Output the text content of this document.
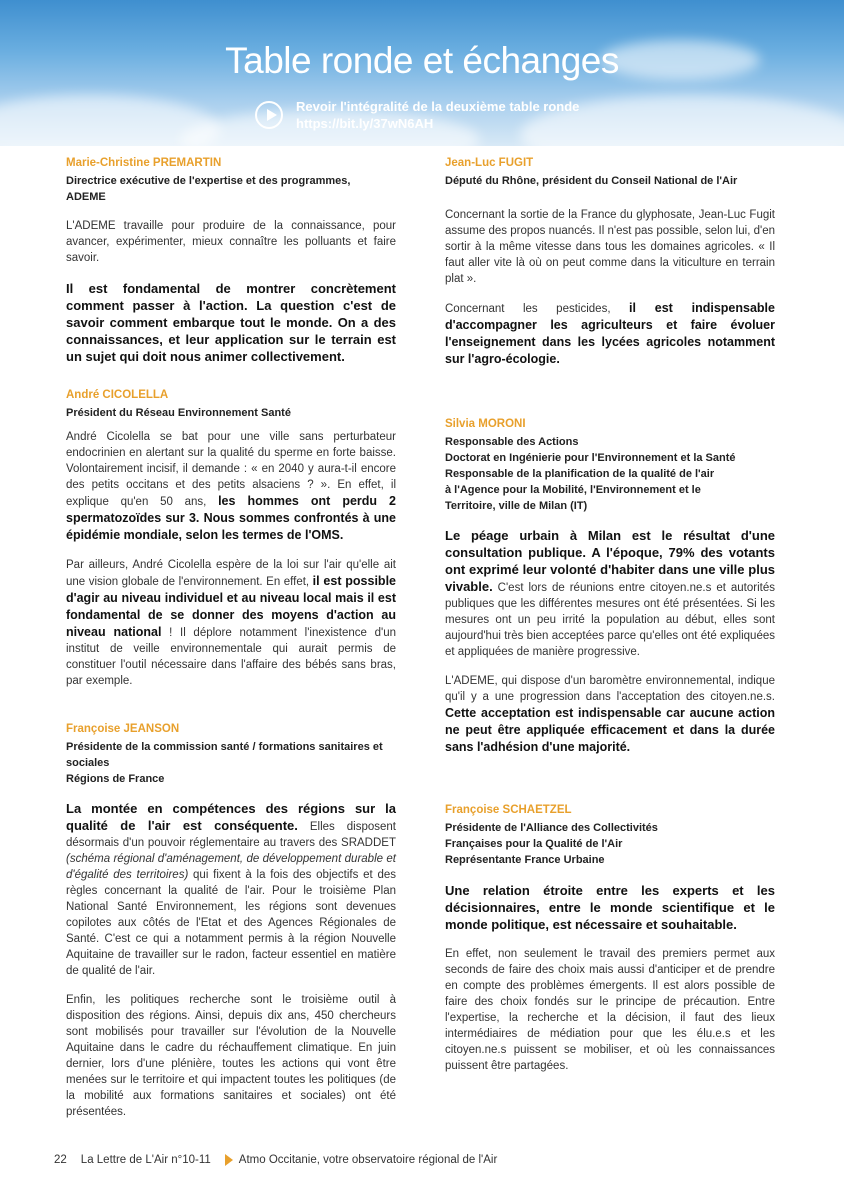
Table ronde et échanges
Revoir l'intégralité de la deuxième table ronde
https://bit.ly/37wN6AH

Marie-Christine PREMARTIN

Directrice exécutive de l'expertise et des programmes,

ADEME

L'ADEME travaille pour produire de la connaissance, pour avancer, expérimenter, mieux connaître les polluants et faire savoir.

Il est fondamental de montrer concrètement comment passer à l'action. La question c'est de savoir comment embarque tout le monde. On a des connaissances, et leur application sur le terrain est un sujet qui doit nous animer collectivement.

André CICOLELLA

Président du Réseau Environnement Santé

André Cicolella se bat pour une ville sans perturbateur endocrinien en alertant sur la qualité du sperme en forte baisse. Volontairement incisif, il demande : « en 2040 y aura-t-il encore des petits occitans et des petits alsaciens ? ». En effet, il explique qu'en 50 ans, les hommes ont perdu 2 spermatozoïdes sur 3. Nous sommes confrontés à une épidémie mondiale, selon les termes de l'OMS.

Par ailleurs, André Cicolella espère de la loi sur l'air qu'elle ait une vision globale de l'environnement. En effet, il est possible d'agir au niveau individuel et au niveau local mais il est fondamental de se donner des moyens d'action au niveau national ! Il déplore notamment l'inexistence d'un institut de veille environnementale qui aurait permis de constituer l'outil nécessaire dans l'affaire des bébés sans bras, par exemple.

Françoise JEANSON

Présidente de la commission santé / formations sanitaires et sociales

Régions de France

La montée en compétences des régions sur la qualité de l'air est conséquente. Elles disposent désormais d'un pouvoir réglementaire au travers des SRADDET (schéma régional d'aménagement, de développement durable et d'égalité des territoires) qui fixent à la fois des objectifs et des règles concernant la qualité de l'air. Pour le troisième Plan National Santé Environnement, les régions sont devenues copilotes aux côtés de l'Etat et des Agences Régionales de Santé. C'est ce qui a notamment permis à la région Nouvelle Aquitaine de travailler sur le radon, facteur essentiel en matière de qualité de l'air.

Enfin, les politiques recherche sont le troisième outil à disposition des régions. Ainsi, depuis dix ans, 450 chercheurs sont mobilisés pour travailler sur l'évolution de la Nouvelle Aquitaine dans le cadre du réchauffement climatique. En juin dernier, lors d'une plénière, toutes les actions qui vont être menées sur le territoire et qui impactent toutes les politiques (de la mobilité aux formations sanitaires et sociales) ont été présentées.

Jean-Luc FUGIT

Député du Rhône, président du Conseil National de l'Air

Concernant la sortie de la France du glyphosate, Jean-Luc Fugit assume des propos nuancés. Il n'est pas possible, selon lui, d'en sortir à la même vitesse dans tous les domaines agricoles. « Il faut aller vite là où on peut comme dans la viticulture en terrain plat ».

Concernant les pesticides, il est indispensable d'accompagner les agriculteurs et faire évoluer l'enseignement dans les lycées agricoles notamment sur l'agro-écologie.

Silvia MORONI

Responsable des Actions

Doctorat en Ingénierie pour l'Environnement et la Santé

Responsable de la planification de la qualité de l'air

à l'Agence pour la Mobilité, l'Environnement et le

Territoire, ville de Milan (IT)

Le péage urbain à Milan est le résultat d'une consultation publique. A l'époque, 79% des votants ont exprimé leur volonté d'habiter dans une ville plus vivable. C'est lors de réunions entre citoyen.ne.s et autorités publiques que les différentes mesures ont été présentées. Si les mesures ont un peu irrité la population au début, elles sont aujourd'hui très bien acceptées parce qu'elles ont été expliquées et appliquées de manière progressive.

L'ADEME, qui dispose d'un baromètre environnemental, indique qu'il y a une progression dans l'acceptation des citoyen.ne.s. Cette acceptation est indispensable car aucune action ne peut être appliquée efficacement et dans la durée sans l'adhésion d'une majorité.

Françoise SCHAETZEL

Présidente de l'Alliance des Collectivités

Françaises pour la Qualité de l'Air

Représentante France Urbaine

Une relation étroite entre les experts et les décisionnaires, entre le monde scientifique et le monde politique, est nécessaire et souhaitable.

En effet, non seulement le travail des premiers permet aux seconds de faire des choix mais aussi d'anticiper et de prendre en compte des problèmes émergents. Il est alors possible de faire des choix fondés sur le principe de précaution. Entre l'expertise, la recherche et la décision, il faut des lieux intermédiaires de médiation pour que les élu.e.s et les citoyen.ne.s puissent se mobiliser, et où les connaissances puissent être partagées.

22 La Lettre de L'Air n°10-11 Atmo Occitanie, votre observatoire régional de l'Air
